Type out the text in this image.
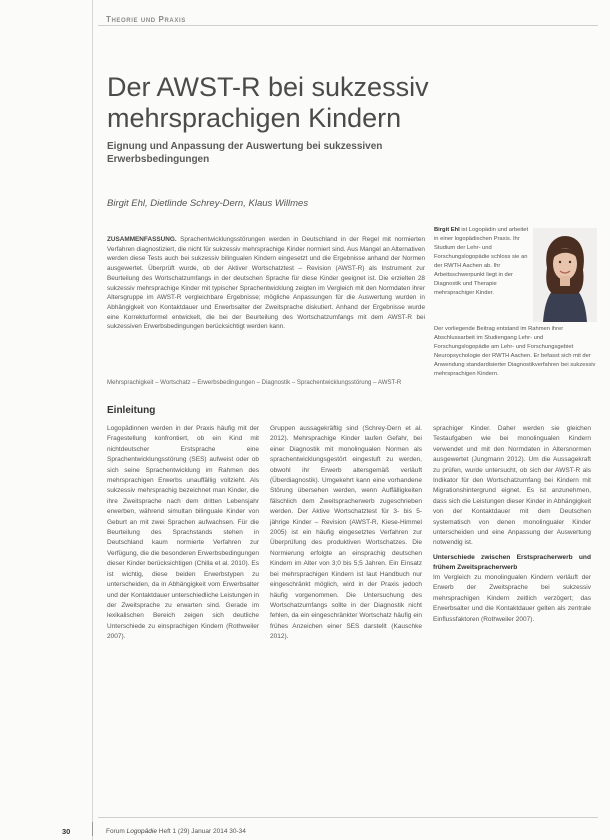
Theorie und Praxis
Der AWST-R bei sukzessiv
mehrsprachigen Kindern
Eignung und Anpassung der Auswertung bei sukzessiven
Erwerbsbedingungen
Birgit Ehl, Dietlinde Schrey-Dern, Klaus Willmes
ZUSAMMENFASSUNG. Sprachentwicklungsstörungen werden in Deutschland in der Regel mit normierten Verfahren diagnostiziert, die nicht für sukzessiv mehrsprachige Kinder normiert sind. Aus Mangel an Alternativen werden diese Tests auch bei sukzessiv bilingualen Kindern eingesetzt und die Ergebnisse anhand der Normen ausgewertet. Überprüft wurde, ob der Aktiver Wortschatztest – Revision (AWST-R) als Instrument zur Beurteilung des Wortschatzumfangs in der deutschen Sprache für diese Kinder geeignet ist. Die erzielten 28 sukzessiv mehrsprachige Kinder mit typischer Sprachentwicklung zeigten im Vergleich mit den Normdaten ihrer Altersgruppe im AWST-R vergleichbare Ergebnisse; mögliche Anpassungen für die Auswertung wurden in Abhängigkeit von Kontaktdauer und Erwerbsalter der Zweitsprache diskutiert. Anhand der Ergebnisse wurde eine Korrekturformel entwickelt, die bei der Beurteilung des Wortschatzumfangs mit dem AWST-R bei sukzessiven Erwerbsbedingungen berücksichtigt werden kann.
Mehrsprachigkeit – Wortschatz – Erwerbsbedingungen – Diagnostik – Sprachentwicklungsstörung – AWST-R
Birgit Ehl ist Logopädin und arbeitet in einer logopädischen Praxis. Ihr Studium der Lehr- und Forschungslogopädie schloss sie an der RWTH Aachen ab. Ihr Arbeitsschwerpunkt liegt in der Diagnostik und Therapie mehrsprachiger Kinder.
Der vorliegende Beitrag entstand im Rahmen ihrer Abschlussarbeit im Studiengang Lehr- und Forschungslogopädie am Lehr- und Forschungsgebiet Neuropsychologie der RWTH Aachen. Er befasst sich mit der Anwendung standardisierter Diagnostikverfahren bei sukzessiv mehrsprachigen Kindern.
Einleitung

Logopädinnen werden in der Praxis häufig mit der Fragestellung konfrontiert, ob ein Kind mit nichtdeutscher Erstsprache eine Sprachentwicklungsstörung (SES) aufweist oder ob sich seine Sprachentwicklung im Rahmen des mehrsprachigen Erwerbs unauffällig vollzieht. Als sukzessiv mehrsprachig bezeichnet man Kinder, die ihre Zweitsprache nach dem dritten Lebensjahr erwerben, während simultan bilinguale Kinder von Geburt an mit zwei Sprachen aufwachsen. Für die Beurteilung des Sprachstands stehen in Deutschland kaum normierte Verfahren zur Verfügung, die die besonderen Erwerbsbedingungen dieser Kinder berücksichtigen (Chilla et al. 2010). Es ist wichtig, diese beiden Erwerbstypen zu unterscheiden, da in Abhängigkeit vom Erwerbsalter und der Kontaktdauer unterschiedliche Leistungen in der Zweitsprache zu erwarten sind. Gerade im lexikalischen Bereich zeigen sich deutliche Unterschiede zu einsprachigen Kindern (Rothweiler 2007).

Gruppen aussagekräftig sind (Schrey-Dern et al. 2012). Mehrsprachige Kinder laufen Gefahr, bei einer Diagnostik mit monolingualen Normen als sprachentwicklungsgestört eingestuft zu werden, obwohl ihr Erwerb altersgemäß verläuft (Überdiagnostik). Umgekehrt kann eine vorhandene Störung übersehen werden, wenn Auffälligkeiten fälschlich dem Zweitspracherwerb zugeschrieben werden. Der Aktive Wortschatztest für 3- bis 5-jährige Kinder – Revision (AWST-R, Kiese-Himmel 2005) ist ein häufig eingesetztes Verfahren zur Überprüfung des produktiven Wortschatzes. Die Normierung erfolgte an einsprachig deutschen Kindern im Alter von 3;0 bis 5;5 Jahren. Ein Einsatz bei mehrsprachigen Kindern ist laut Handbuch nur eingeschränkt möglich, wird in der Praxis jedoch häufig vorgenommen. Die Untersuchung des Wortschatzumfangs sollte in der Diagnostik nicht fehlen, da ein eingeschränkter Wortschatz häufig ein frühes Anzeichen einer SES darstellt (Kauschke 2012).

sprachiger Kinder. Daher werden sie gleichen Testaufgaben wie bei monolingualen Kindern verwendet und mit den Normdaten in Altersnormen ausgewertet (Jungmann 2012). Um die Aussagekraft zu prüfen, wurde untersucht, ob sich der AWST-R als Indikator für den Wortschatzumfang bei Kindern mit Migrationshintergrund eignet. Es ist anzunehmen, dass sich die Leistungen dieser Kinder in Abhängigkeit von der Kontaktdauer mit dem Deutschen systematisch von denen monolingualer Kinder unterscheiden und eine Anpassung der Auswertung notwendig ist.

Unterschiede zwischen Erstspracherwerb und frühem Zweitspracherwerb

Im Vergleich zu monolingualen Kindern verläuft der Erwerb der Zweitsprache bei sukzessiv mehrsprachigen Kindern zeitlich verzögert; das Erwerbsalter und die Kontaktdauer gelten als zentrale Einflussfaktoren (Rothweiler 2007).

30	Forum Logopädie Heft 1 (29) Januar 2014 30-34
